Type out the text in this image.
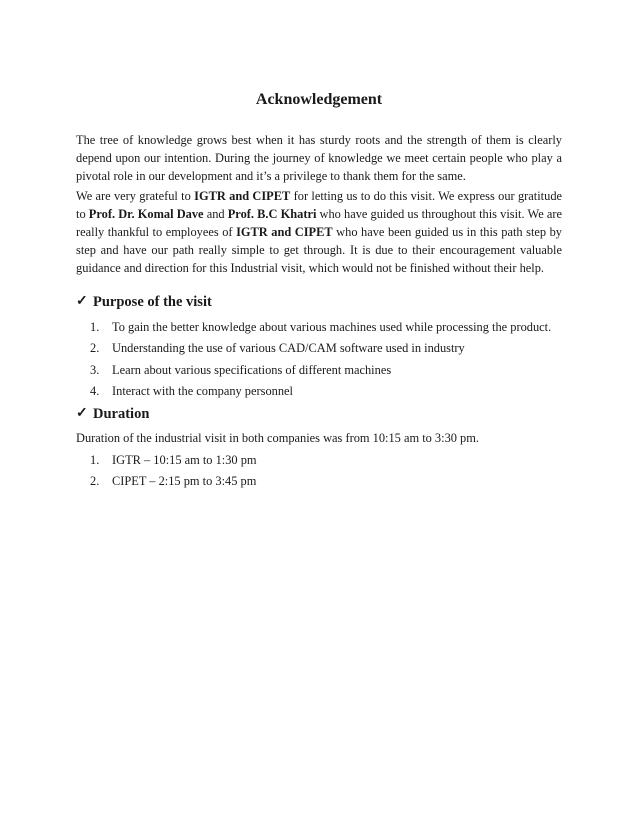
Acknowledgement

The tree of knowledge grows best when it has sturdy roots and the strength of them is clearly depend upon our intention. During the journey of knowledge we meet certain people who play a pivotal role in our development and it’s a privilege to thank them for the same.

We are very grateful to IGTR and CIPET for letting us to do this visit. We express our gratitude to Prof. Dr. Komal Dave and Prof. B.C Khatri who have guided us throughout this visit. We are really thankful to employees of IGTR and CIPET who have been guided us in this path step by step and have our path really simple to get through. It is due to their encouragement valuable guidance and direction for this Industrial visit, which would not be finished without their help.

✓ Purpose of the visit
1. To gain the better knowledge about various machines used while processing the product.
2. Understanding the use of various CAD/CAM software used in industry
3. Learn about various specifications of different machines
4. Interact with the company personnel
✓ Duration
Duration of the industrial visit in both companies was from 10:15 am to 3:30 pm.
1. IGTR – 10:15 am to 1:30 pm
2. CIPET – 2:15 pm to 3:45 pm
